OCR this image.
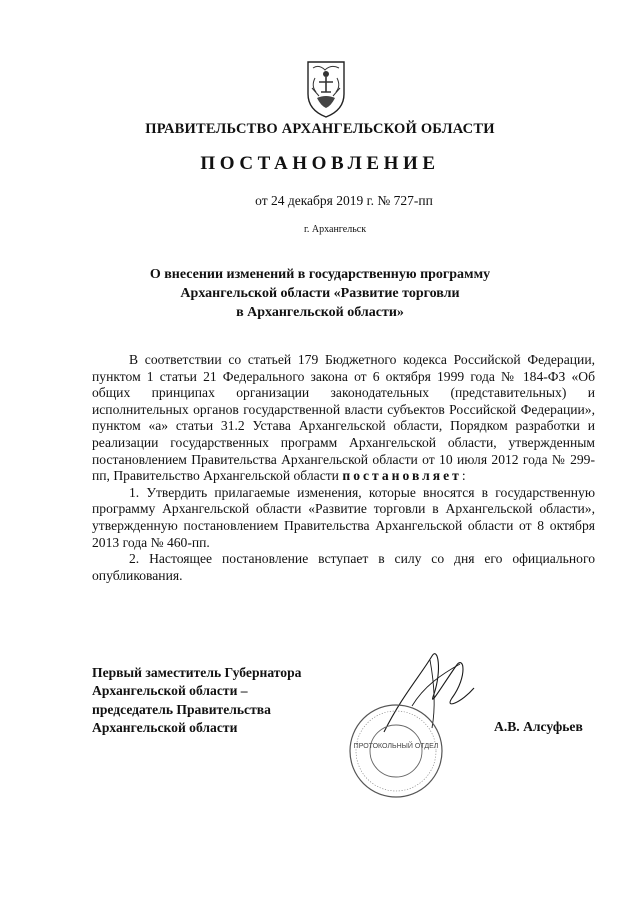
ПРАВИТЕЛЬСТВО АРХАНГЕЛЬСКОЙ ОБЛАСТИ
ПОСТАНОВЛЕНИЕ
от 24 декабря 2019 г. № 727-пп
г. Архангельск
О внесении изменений в государственную программу
Архангельской области «Развитие торговли
в Архангельской области»

В соответствии со статьей 179 Бюджетного кодекса Российской Федерации, пунктом 1 статьи 21 Федерального закона от 6 октября 1999 года № 184-ФЗ «Об общих принципах организации законодательных (представительных) и исполнительных органов государственной власти субъектов Российской Федерации», пунктом «а» статьи 31.2 Устава Архангельской области, Порядком разработки и реализации государственных программ Архангельской области, утвержденным постановлением Правительства Архангельской области от 10 июля 2012 года № 299-пп, Правительство Архангельской области постановляет:

1. Утвердить прилагаемые изменения, которые вносятся в государственную программу Архангельской области «Развитие торговли в Архангельской области», утвержденную постановлением Правительства Архангельской области от 8 октября 2013 года № 460-пп.

2. Настоящее постановление вступает в силу со дня его официального опубликования.

Первый заместитель Губернатора
Архангельской области –
председатель Правительства
Архангельской области	А.В. Алсуфьев
ПРОТОКОЛЬНЫЙ ОТДЕЛ
